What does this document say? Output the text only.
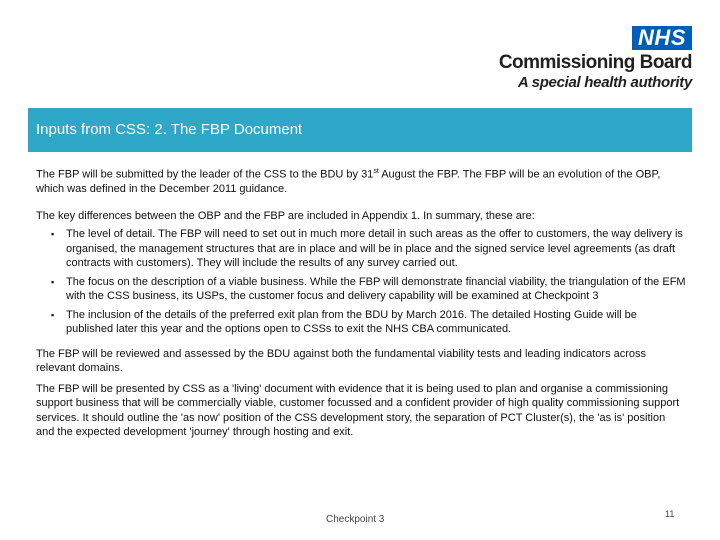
NHS
Commissioning Board
A special health authority
Inputs from CSS: 2. The FBP Document

The FBP will be submitted by the leader of the CSS to the BDU by 31st August the FBP. The FBP will be an evolution of the OBP, which was defined in the December 2011 guidance.

The key differences between the OBP and the FBP are included in Appendix 1. In summary, these are:

▪ The level of detail. The FBP will need to set out in much more detail in such areas as the offer to customers, the way delivery is organised, the management structures that are in place and will be in place and the signed service level agreements (as draft contracts with customers). They will include the results of any survey carried out.
▪ The focus on the description of a viable business. While the FBP will demonstrate financial viability, the triangulation of the EFM with the CSS business, its USPs, the customer focus and delivery capability will be examined at Checkpoint 3
▪ The inclusion of the details of the preferred exit plan from the BDU by March 2016. The detailed Hosting Guide will be published later this year and the options open to CSSs to exit the NHS CBA communicated.

The FBP will be reviewed and assessed by the BDU against both the fundamental viability tests and leading indicators across relevant domains.

The FBP will be presented by CSS as a 'living' document with evidence that it is being used to plan and organise a commissioning support business that will be commercially viable, customer focussed and a confident provider of high quality commissioning support services. It should outline the 'as now' position of the CSS development story, the separation of PCT Cluster(s), the 'as is' position and the expected development 'journey' through hosting and exit.

Checkpoint 3	11
